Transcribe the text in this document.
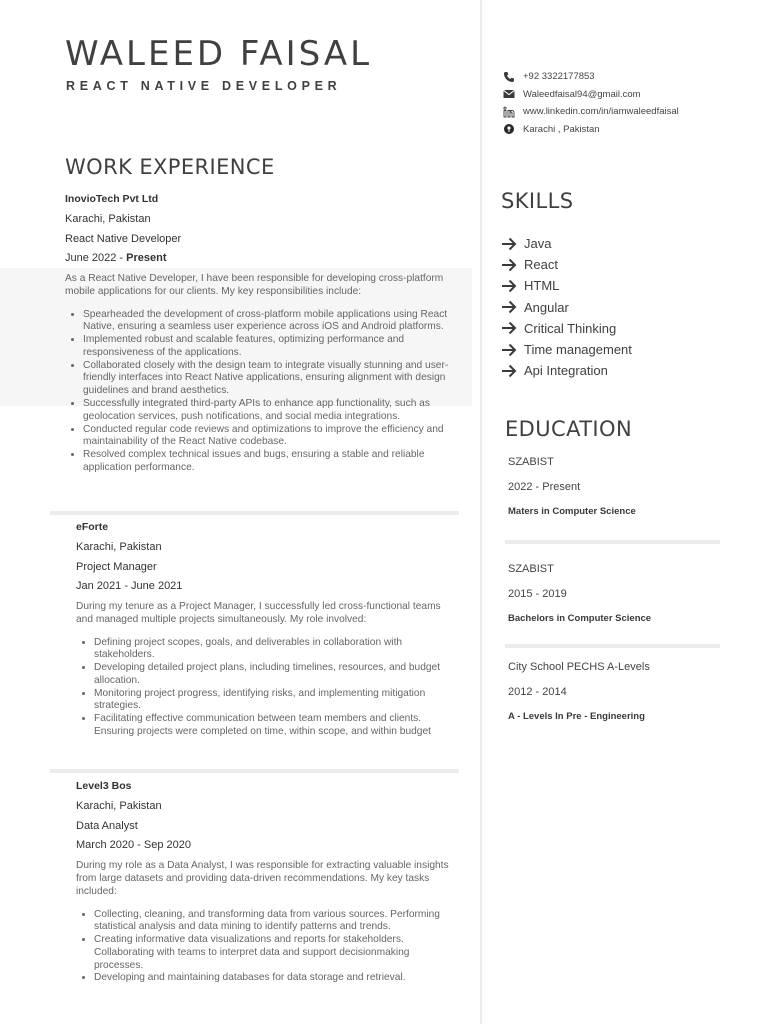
WALEED FAISAL
REACT NATIVE DEVELOPER
+92 3322177853
Waleedfaisal94@gmail.com
www.linkedin.com/in/iamwaleedfaisal
Karachi , Pakistan
SKILLS
Java
React
HTML
Angular
Critical Thinking
Time management
Api Integration
EDUCATION
SZABIST
2022 - Present
Maters in Computer Science
SZABIST
2015 - 2019
Bachelors in Computer Science
City School PECHS A-Levels
2012 - 2014
A - Levels In Pre - Engineering
WORK EXPERIENCE
InovioTech Pvt Ltd
Karachi, Pakistan
React Native Developer
June 2022 - Present
As a React Native Developer, I have been responsible for developing cross-platform mobile applications for our clients. My key responsibilities include:
• Spearheaded the development of cross-platform mobile applications using React Native, ensuring a seamless user experience across iOS and Android platforms.
• Implemented robust and scalable features, optimizing performance and responsiveness of the applications.
• Collaborated closely with the design team to integrate visually stunning and user-friendly interfaces into React Native applications, ensuring alignment with design guidelines and brand aesthetics.
• Successfully integrated third-party APIs to enhance app functionality, such as geolocation services, push notifications, and social media integrations.
• Conducted regular code reviews and optimizations to improve the efficiency and maintainability of the React Native codebase.
• Resolved complex technical issues and bugs, ensuring a stable and reliable application performance.
eForte
Karachi, Pakistan
Project Manager
Jan 2021 - June 2021
During my tenure as a Project Manager, I successfully led cross-functional teams and managed multiple projects simultaneously. My role involved:
• Defining project scopes, goals, and deliverables in collaboration with stakeholders.
• Developing detailed project plans, including timelines, resources, and budget allocation.
• Monitoring project progress, identifying risks, and implementing mitigation strategies.
• Facilitating effective communication between team members and clients. Ensuring projects were completed on time, within scope, and within budget
Level3 Bos
Karachi, Pakistan
Data Analyst
March 2020 - Sep 2020
During my role as a Data Analyst, I was responsible for extracting valuable insights from large datasets and providing data-driven recommendations. My key tasks included:
• Collecting, cleaning, and transforming data from various sources. Performing statistical analysis and data mining to identify patterns and trends.
• Creating informative data visualizations and reports for stakeholders. Collaborating with teams to interpret data and support decisionmaking processes.
• Developing and maintaining databases for data storage and retrieval.
